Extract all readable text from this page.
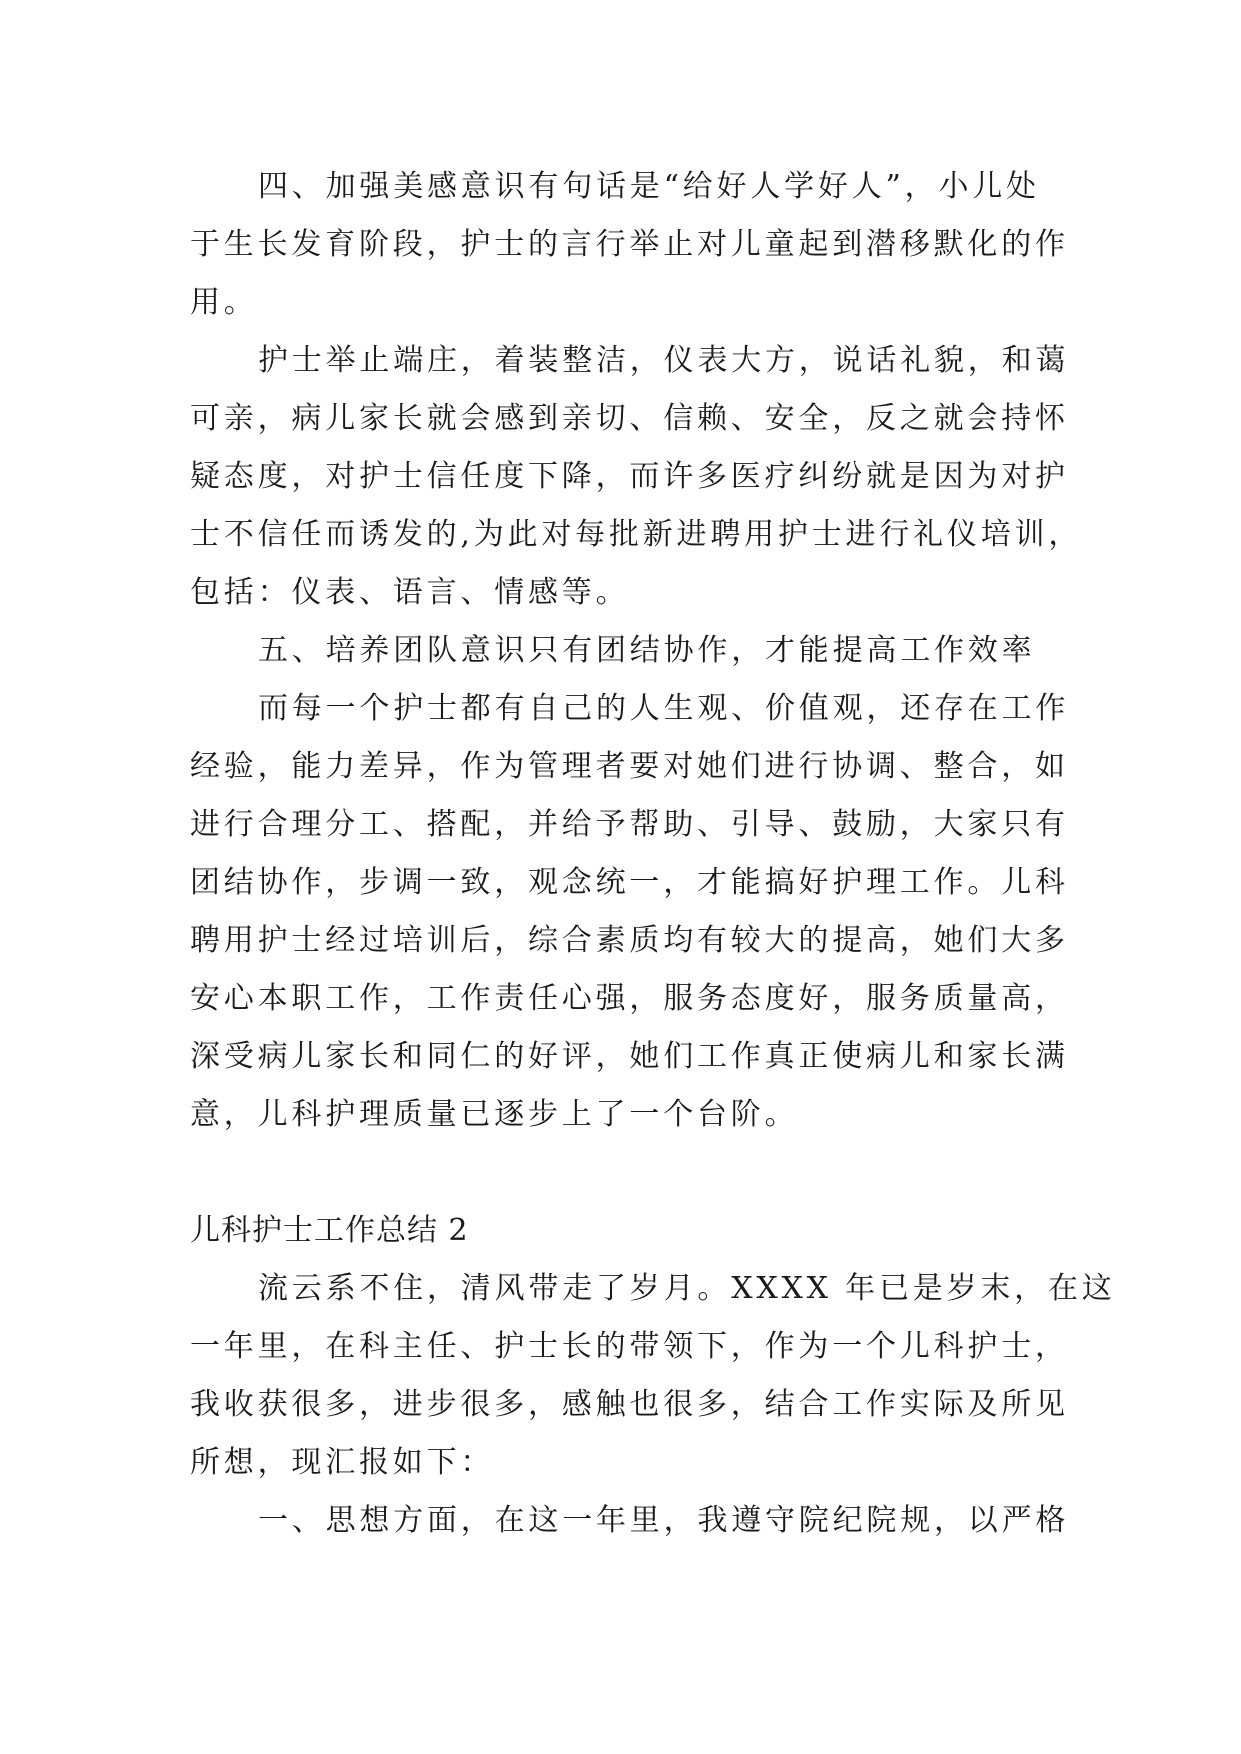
四、加强美感意识有句话是“给好人学好人”，小儿处
于生长发育阶段，护士的言行举止对儿童起到潜移默化的作
用。
护士举止端庄，着装整洁，仪表大方，说话礼貌，和蔼
可亲，病儿家长就会感到亲切、信赖、安全，反之就会持怀
疑态度，对护士信任度下降，而许多医疗纠纷就是因为对护
士不信任而诱发的,为此对每批新进聘用护士进行礼仪培训，
包括：仪表、语言、情感等。
五、培养团队意识只有团结协作，才能提高工作效率
而每一个护士都有自己的人生观、价值观，还存在工作
经验，能力差异，作为管理者要对她们进行协调、整合，如
进行合理分工、搭配，并给予帮助、引导、鼓励，大家只有
团结协作，步调一致，观念统一，才能搞好护理工作。儿科
聘用护士经过培训后，综合素质均有较大的提高，她们大多
安心本职工作，工作责任心强，服务态度好，服务质量高，
深受病儿家长和同仁的好评，她们工作真正使病儿和家长满
意，儿科护理质量已逐步上了一个台阶。
儿科护士工作总结 2
流云系不住，清风带走了岁月。XXXX 年已是岁末，在这
一年里，在科主任、护士长的带领下，作为一个儿科护士，
我收获很多，进步很多，感触也很多，结合工作实际及所见
所想，现汇报如下：
一、思想方面，在这一年里，我遵守院纪院规，以严格
